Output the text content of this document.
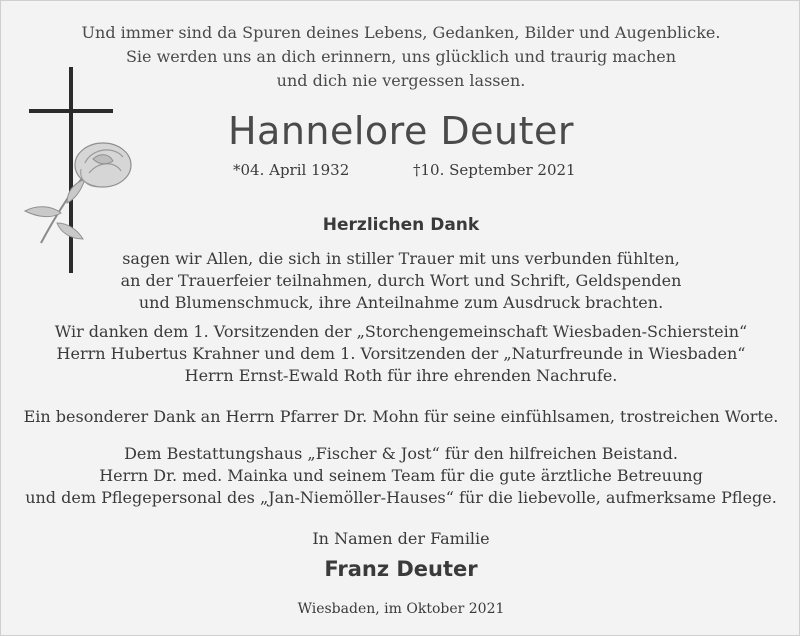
Und immer sind da Spuren deines Lebens, Gedanken, Bilder und Augenblicke.
Sie werden uns an dich erinnern, uns glücklich und traurig machen
und dich nie vergessen lassen.
Hannelore Deuter
*04. April 1932	†10. September 2021
Herzlichen Dank
sagen wir Allen, die sich in stiller Trauer mit uns verbunden fühlten,
an der Trauerfeier teilnahmen, durch Wort und Schrift, Geldspenden
und Blumenschmuck, ihre Anteilnahme zum Ausdruck brachten.
Wir danken dem 1. Vorsitzenden der „Storchengemeinschaft Wiesbaden-Schierstein“
Herrn Hubertus Krahner und dem 1. Vorsitzenden der „Naturfreunde in Wiesbaden“
Herrn Ernst-Ewald Roth für ihre ehrenden Nachrufe.
Ein besonderer Dank an Herrn Pfarrer Dr. Mohn für seine einfühlsamen, trostreichen Worte.
Dem Bestattungshaus „Fischer & Jost“ für den hilfreichen Beistand.
Herrn Dr. med. Mainka und seinem Team für die gute ärztliche Betreuung
und dem Pflegepersonal des „Jan-Niemöller-Hauses“ für die liebevolle, aufmerksame Pflege.
In Namen der Familie
Franz Deuter
Wiesbaden, im Oktober 2021
